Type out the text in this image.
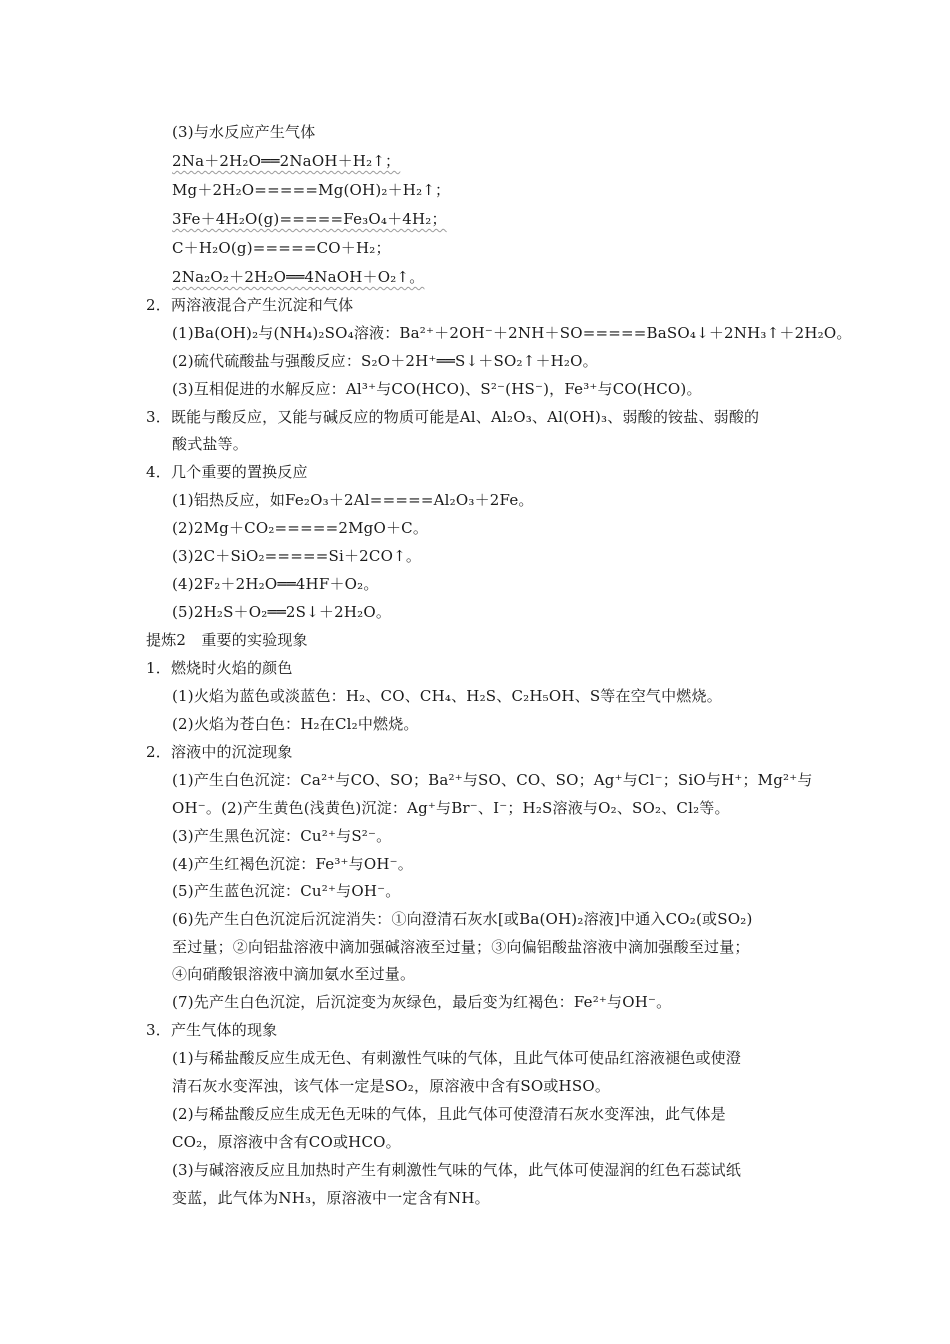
(3)与水反应产生气体
2Na＋2H₂O══2NaOH＋H₂↑；
Mg＋2H₂O=====Mg(OH)₂＋H₂↑；
3Fe＋4H₂O(g)=====Fe₃O₄＋4H₂；
C＋H₂O(g)=====CO＋H₂；
2Na₂O₂＋2H₂O══4NaOH＋O₂↑。
2．两溶液混合产生沉淀和气体
(1)Ba(OH)₂与(NH₄)₂SO₄溶液：Ba²⁺＋2OH⁻＋2NH＋SO=====BaSO₄↓＋2NH₃↑＋2H₂O。
(2)硫代硫酸盐与强酸反应：S₂O＋2H⁺══S↓＋SO₂↑＋H₂O。
(3)互相促进的水解反应：Al³⁺与CO(HCO)、S²⁻(HS⁻)，Fe³⁺与CO(HCO)。
3．既能与酸反应，又能与碱反应的物质可能是Al、Al₂O₃、Al(OH)₃、弱酸的铵盐、弱酸的
酸式盐等。
4．几个重要的置换反应
(1)铝热反应，如Fe₂O₃＋2Al=====Al₂O₃＋2Fe。
(2)2Mg＋CO₂=====2MgO＋C。
(3)2C＋SiO₂=====Si＋2CO↑。
(4)2F₂＋2H₂O══4HF＋O₂。
(5)2H₂S＋O₂══2S↓＋2H₂O。
提炼2　重要的实验现象
1．燃烧时火焰的颜色
(1)火焰为蓝色或淡蓝色：H₂、CO、CH₄、H₂S、C₂H₅OH、S等在空气中燃烧。
(2)火焰为苍白色：H₂在Cl₂中燃烧。
2．溶液中的沉淀现象
(1)产生白色沉淀：Ca²⁺与CO、SO；Ba²⁺与SO、CO、SO；Ag⁺与Cl⁻；SiO与H⁺；Mg²⁺与
OH⁻。(2)产生黄色(浅黄色)沉淀：Ag⁺与Br⁻、I⁻；H₂S溶液与O₂、SO₂、Cl₂等。
(3)产生黑色沉淀：Cu²⁺与S²⁻。
(4)产生红褐色沉淀：Fe³⁺与OH⁻。
(5)产生蓝色沉淀：Cu²⁺与OH⁻。
(6)先产生白色沉淀后沉淀消失：①向澄清石灰水[或Ba(OH)₂溶液]中通入CO₂(或SO₂)
至过量；②向铝盐溶液中滴加强碱溶液至过量；③向偏铝酸盐溶液中滴加强酸至过量；
④向硝酸银溶液中滴加氨水至过量。
(7)先产生白色沉淀，后沉淀变为灰绿色，最后变为红褐色：Fe²⁺与OH⁻。
3．产生气体的现象
(1)与稀盐酸反应生成无色、有刺激性气味的气体，且此气体可使品红溶液褪色或使澄
清石灰水变浑浊，该气体一定是SO₂，原溶液中含有SO或HSO。
(2)与稀盐酸反应生成无色无味的气体，且此气体可使澄清石灰水变浑浊，此气体是
CO₂，原溶液中含有CO或HCO。
(3)与碱溶液反应且加热时产生有刺激性气味的气体，此气体可使湿润的红色石蕊试纸
变蓝，此气体为NH₃，原溶液中一定含有NH。
